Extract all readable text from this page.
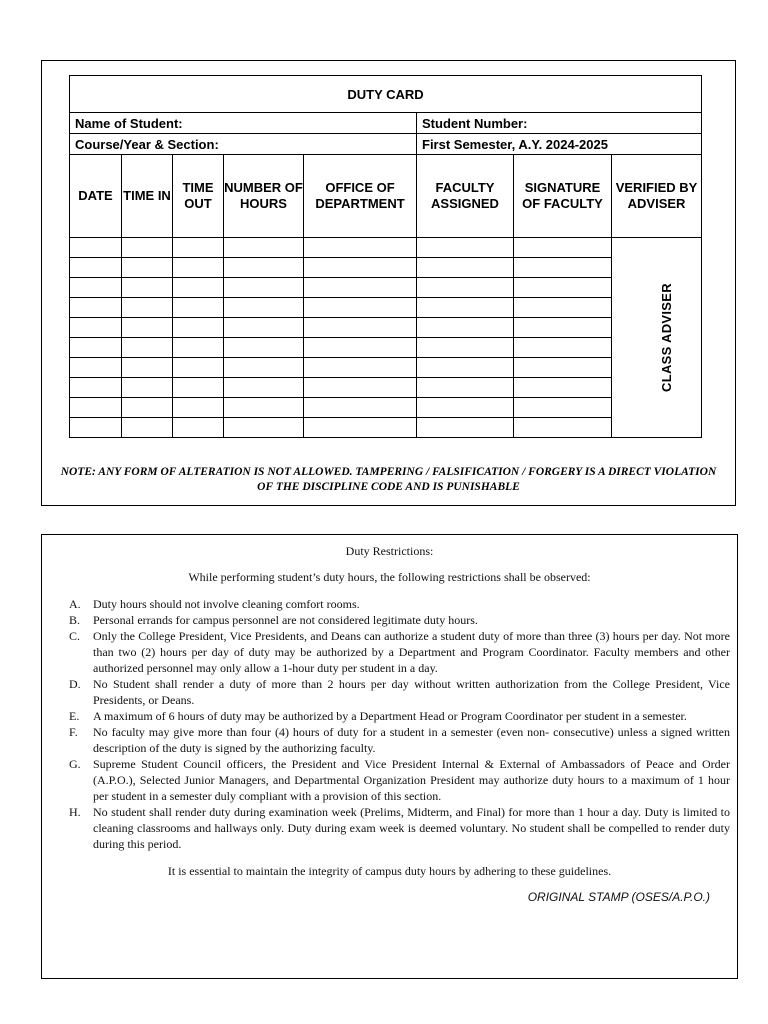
DUTY CARD							
Name of Student:					Student Number:		
Course/Year & Section:					First Semester, A.Y. 2024-2025		
DATE	TIME IN	TIME OUT	NUMBER OF HOURS	OFFICE OF DEPARTMENT	FACULTY ASSIGNED	SIGNATURE OF FACULTY	VERIFIED BY ADVISER
							CLASS ADVISER

NOTE: ANY FORM OF ALTERATION IS NOT ALLOWED. TAMPERING / FALSIFICATION / FORGERY IS A DIRECT VIOLATION OF THE DISCIPLINE CODE AND IS PUNISHABLE
Duty Restrictions:
While performing student’s duty hours, the following restrictions shall be observed:
A. Duty hours should not involve cleaning comfort rooms.
B. Personal errands for campus personnel are not considered legitimate duty hours.
C. Only the College President, Vice Presidents, and Deans can authorize a student duty of more than three (3) hours per day. Not more than two (2) hours per day of duty may be authorized by a Department and Program Coordinator. Faculty members and other authorized personnel may only allow a 1-hour duty per student in a day.
D. No Student shall render a duty of more than 2 hours per day without written authorization from the College President, Vice Presidents, or Deans.
E. A maximum of 6 hours of duty may be authorized by a Department Head or Program Coordinator per student in a semester.
F. No faculty may give more than four (4) hours of duty for a student in a semester (even non- consecutive) unless a signed written description of the duty is signed by the authorizing faculty.
G. Supreme Student Council officers, the President and Vice President Internal & External of Ambassadors of Peace and Order (A.P.O.), Selected Junior Managers, and Departmental Organization President may authorize duty hours to a maximum of 1 hour per student in a semester duly compliant with a provision of this section.
H. No student shall render duty during examination week (Prelims, Midterm, and Final) for more than 1 hour a day. Duty is limited to cleaning classrooms and hallways only. Duty during exam week is deemed voluntary. No student shall be compelled to render duty during this period.
It is essential to maintain the integrity of campus duty hours by adhering to these guidelines.
ORIGINAL STAMP (OSES/A.P.O.)
